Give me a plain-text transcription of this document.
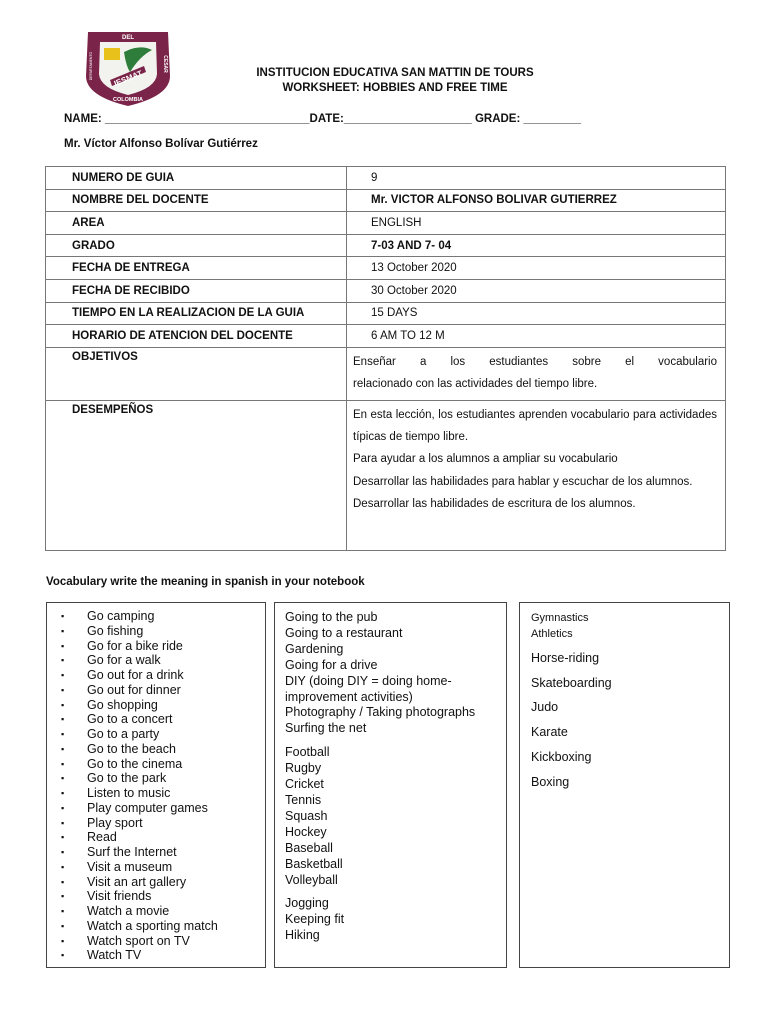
IESMAT
DEL
DEPARTAMENTO	CESAR
COLOMBIA
INSTITUCION EDUCATIVA SAN MATTIN DE TOURS
WORKSHEET: HOBBIES AND FREE TIME
NAME: ________________________________DATE:____________________ GRADE: _________
Mr. Víctor Alfonso Bolívar Gutiérrez
NUMERO DE GUIA	9
NOMBRE DEL DOCENTE	Mr. VICTOR ALFONSO BOLIVAR GUTIERREZ
AREA	ENGLISH
GRADO	7-03 AND 7- 04
FECHA DE ENTREGA	13 October 2020
FECHA DE RECIBIDO	30 October 2020
TIEMPO EN LA REALIZACION DE LA GUIA	15 DAYS
HORARIO DE ATENCION DEL DOCENTE	6 AM TO 12 M
OBJETIVOS	Enseñar a los estudiantes sobre el vocabulario

relacionado con las actividades del tiempo libre.

DESEMPEÑOS	En esta lección, los estudiantes aprenden vocabulario para actividades típicas de tiempo libre.

Para ayudar a los alumnos a ampliar su vocabulario

Desarrollar las habilidades para hablar y escuchar de los alumnos.

Desarrollar las habilidades de escritura de los alumnos.

Vocabulary write the meaning in spanish in your notebook
▪ Go camping
▪ Go fishing
▪ Go for a bike ride
▪ Go for a walk
▪ Go out for a drink
▪ Go out for dinner
▪ Go shopping
▪ Go to a concert
▪ Go to a party
▪ Go to the beach
▪ Go to the cinema
▪ Go to the park
▪ Listen to music
▪ Play computer games
▪ Play sport
▪ Read
▪ Surf the Internet
▪ Visit a museum
▪ Visit an art gallery
▪ Visit friends
▪ Watch a movie
▪ Watch a sporting match
▪ Watch sport on TV
▪ Watch TV
Going to the pub
Going to a restaurant
Gardening
Going for a drive
DIY (doing DIY = doing home-improvement activities)
Photography / Taking photographs
Surfing the net
Football
Rugby
Cricket
Tennis
Squash
Hockey
Baseball
Basketball
Volleyball
Jogging
Keeping fit
Hiking
Gymnastics
Athletics
Horse-riding
Skateboarding
Judo
Karate
Kickboxing
Boxing
